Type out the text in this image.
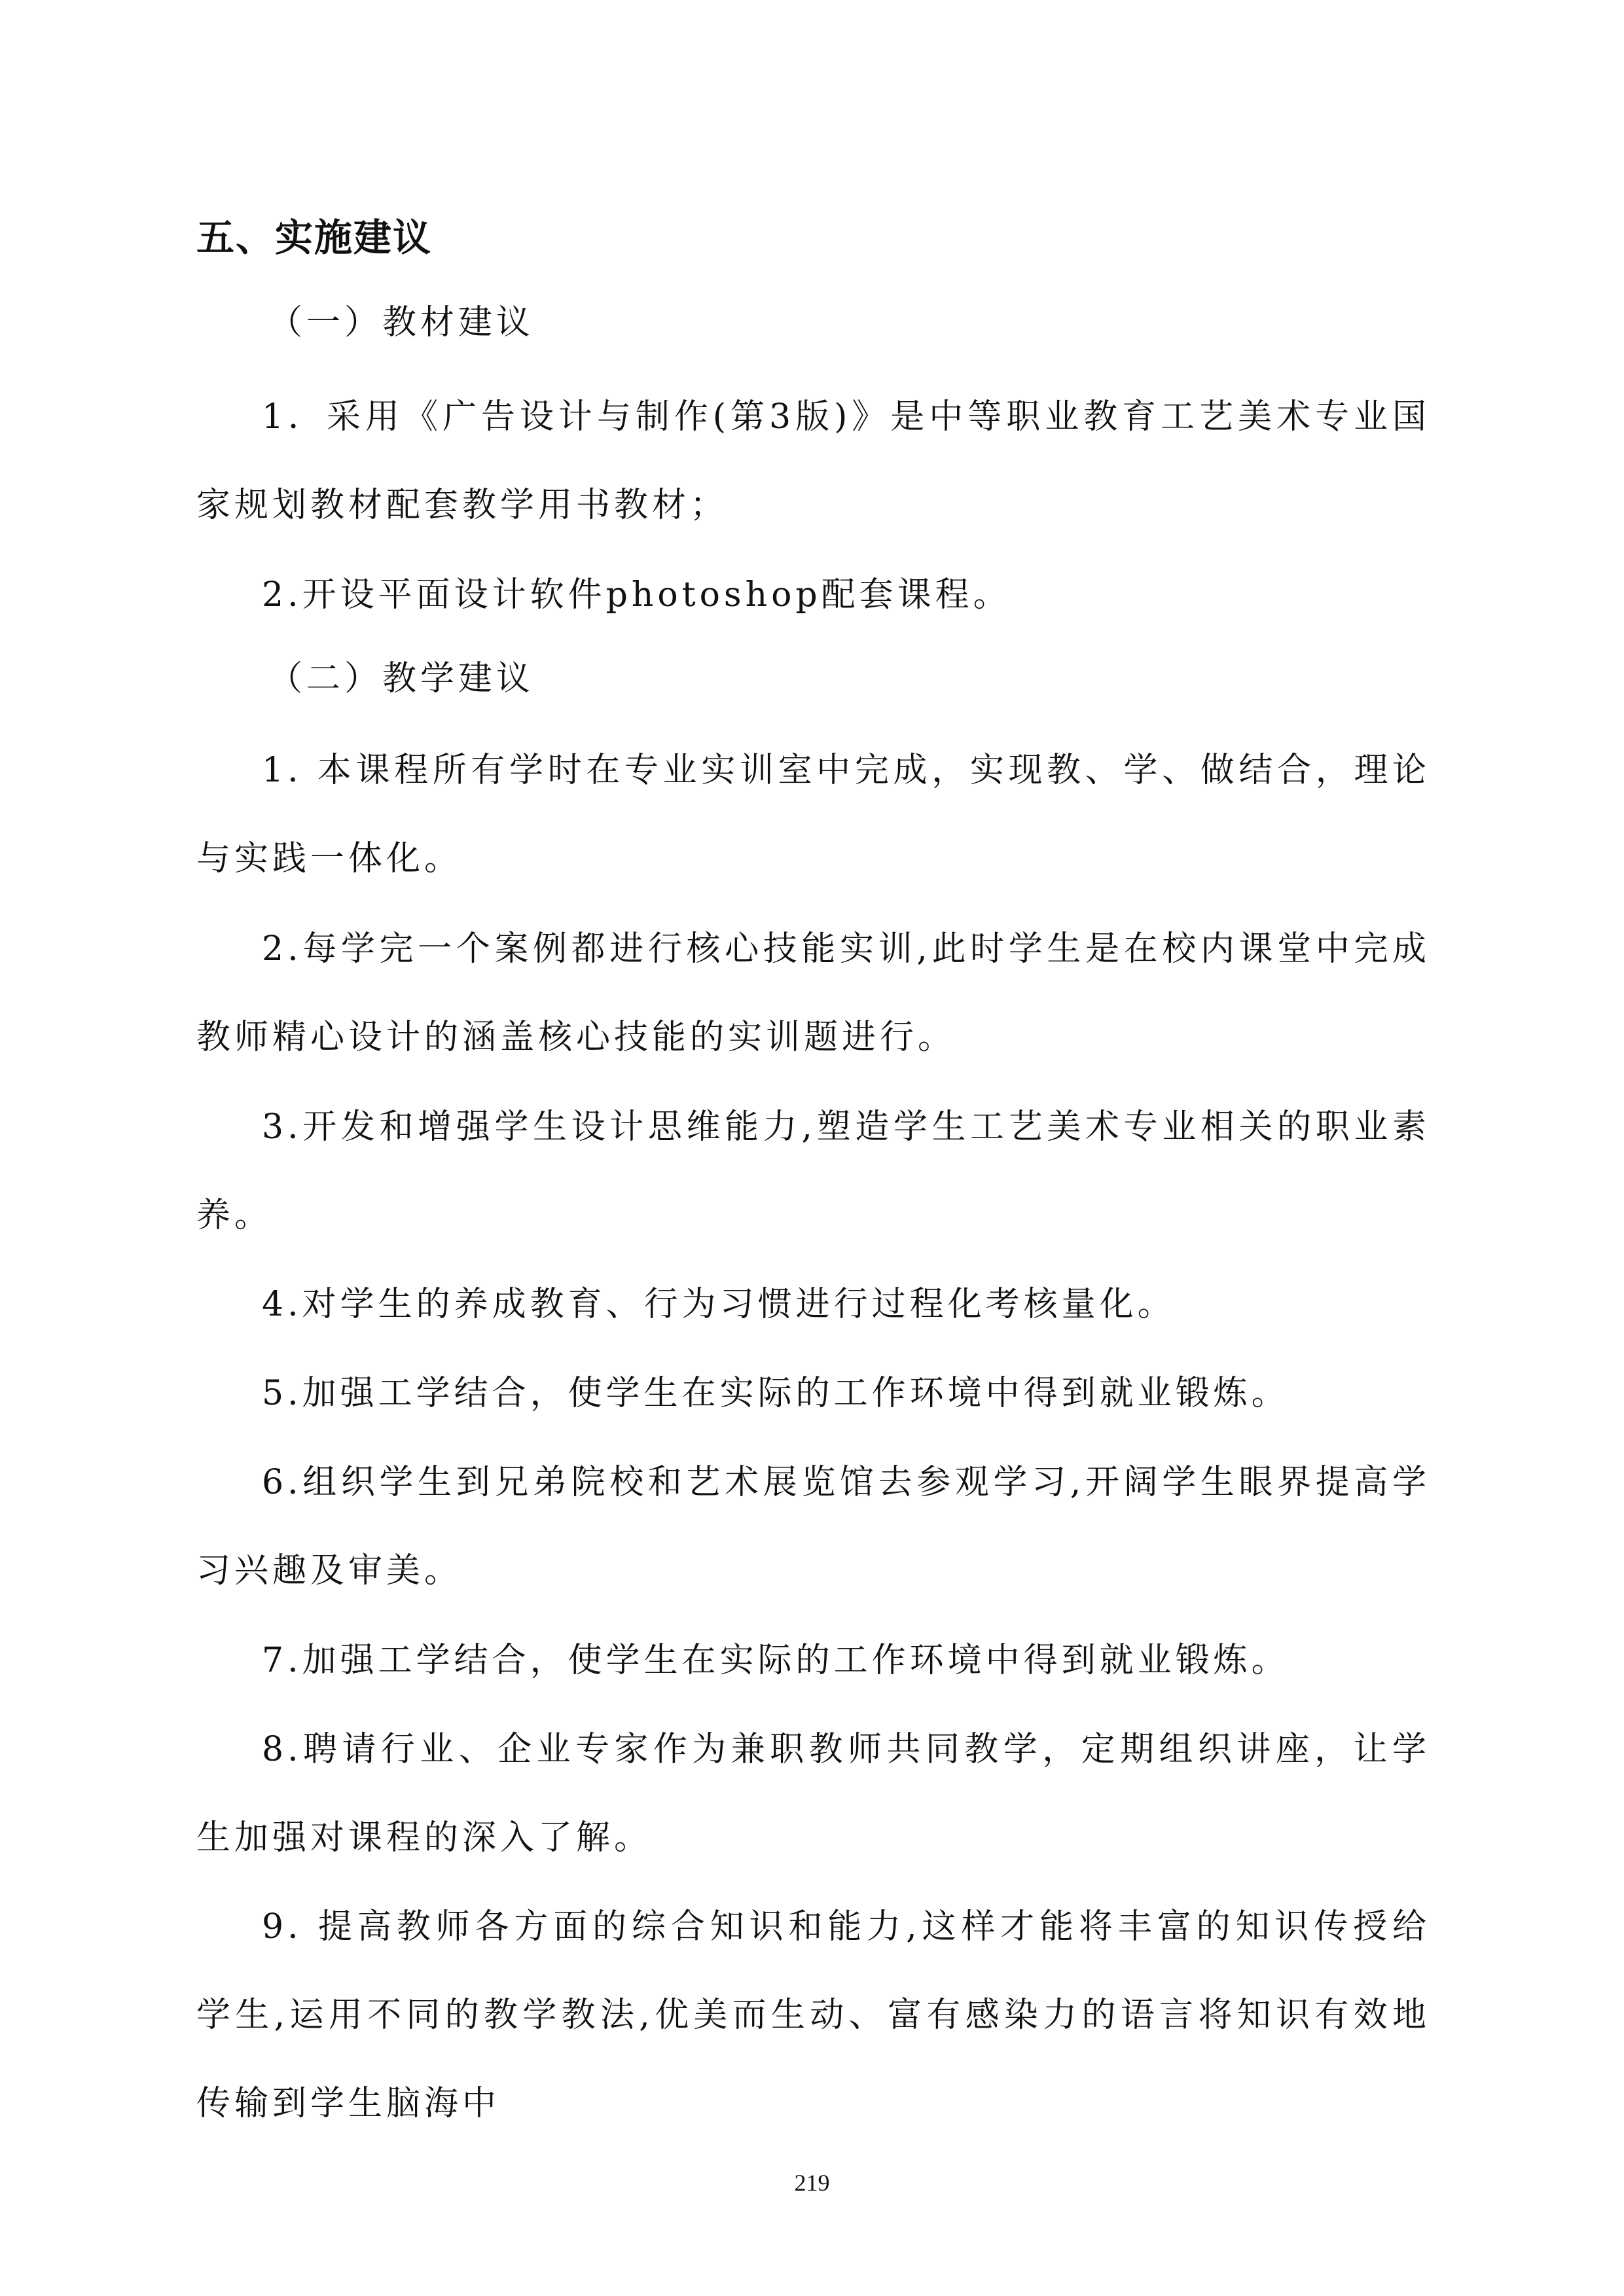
五、实施建议
（一）教材建议

1．采用《广告设计与制作(第3版)》是中等职业教育工艺美术专业国家规划教材配套教学用书教材；

2.开设平面设计软件photoshop配套课程。

（二）教学建议

1. 本课程所有学时在专业实训室中完成，实现教、学、做结合，理论与实践一体化。

2.每学完一个案例都进行核心技能实训,此时学生是在校内课堂中完成教师精心设计的涵盖核心技能的实训题进行。

3.开发和增强学生设计思维能力,塑造学生工艺美术专业相关的职业素养。

4.对学生的养成教育、行为习惯进行过程化考核量化。

5.加强工学结合，使学生在实际的工作环境中得到就业锻炼。

6.组织学生到兄弟院校和艺术展览馆去参观学习,开阔学生眼界提高学习兴趣及审美。

7.加强工学结合，使学生在实际的工作环境中得到就业锻炼。

8.聘请行业、企业专家作为兼职教师共同教学，定期组织讲座，让学生加强对课程的深入了解。

9. 提高教师各方面的综合知识和能力,这样才能将丰富的知识传授给学生,运用不同的教学教法,优美而生动、富有感染力的语言将知识有效地传输到学生脑海中

219
